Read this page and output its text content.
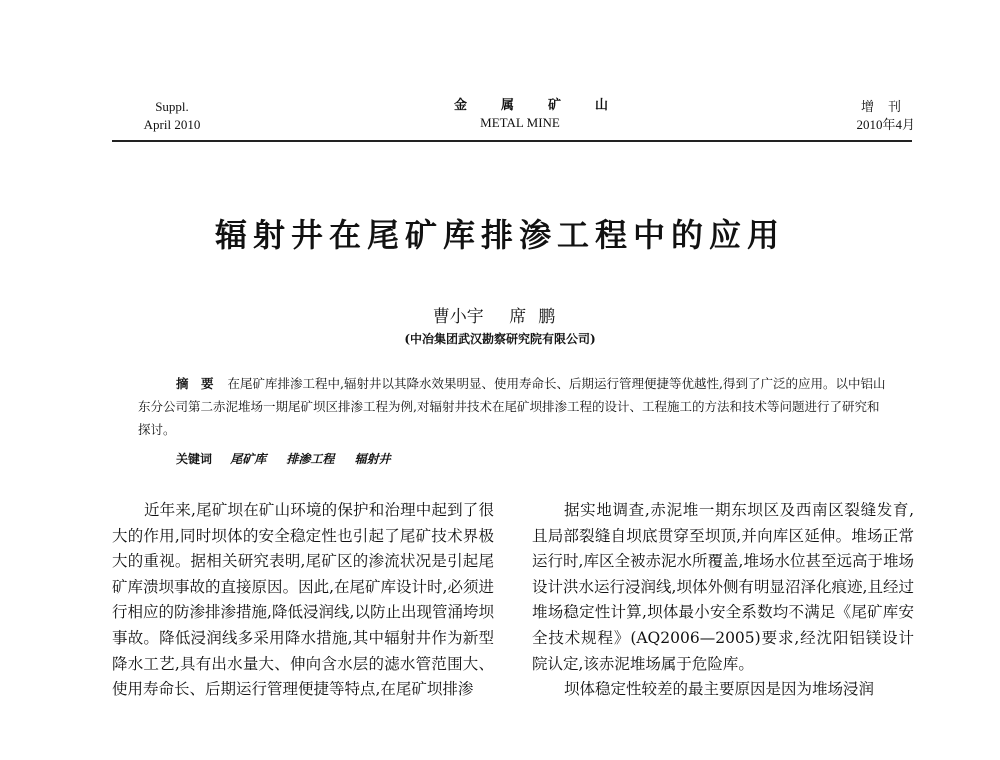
Suppl.
April 2010
金属矿山
METAL MINE
增刊
2010年4月
辐射井在尾矿库排渗工程中的应用
曹小宇 席鹏
(中冶集团武汉勘察研究院有限公司)

摘　要 在尾矿库排渗工程中,辐射井以其降水效果明显、使用寿命长、后期运行管理便捷等优越性,得到了广泛的应用。以中铝山东分公司第二赤泥堆场一期尾矿坝区排渗工程为例,对辐射井技术在尾矿坝排渗工程的设计、工程施工的方法和技术等问题进行了研究和探讨。

关键词 尾矿库 排渗工程 辐射井

近年来,尾矿坝在矿山环境的保护和治理中起到了很大的作用,同时坝体的安全稳定性也引起了尾矿技术界极大的重视。据相关研究表明,尾矿区的渗流状况是引起尾矿库溃坝事故的直接原因。因此,在尾矿库设计时,必须进行相应的防渗排渗措施,降低浸润线,以防止出现管涌垮坝事故。降低浸润线多采用降水措施,其中辐射井作为新型降水工艺,具有出水量大、伸向含水层的滤水管范围大、使用寿命长、后期运行管理便捷等特点,在尾矿坝排渗

据实地调查,赤泥堆一期东坝区及西南区裂缝发育,且局部裂缝自坝底贯穿至坝顶,并向库区延伸。堆场正常运行时,库区全被赤泥水所覆盖,堆场水位甚至远高于堆场设计洪水运行浸润线,坝体外侧有明显沼泽化痕迹,且经过堆场稳定性计算,坝体最小安全系数均不满足《尾矿库安全技术规程》(AQ2006—2005)要求,经沈阳铝镁设计院认定,该赤泥堆场属于危险库。

坝体稳定性较差的最主要原因是因为堆场浸润
